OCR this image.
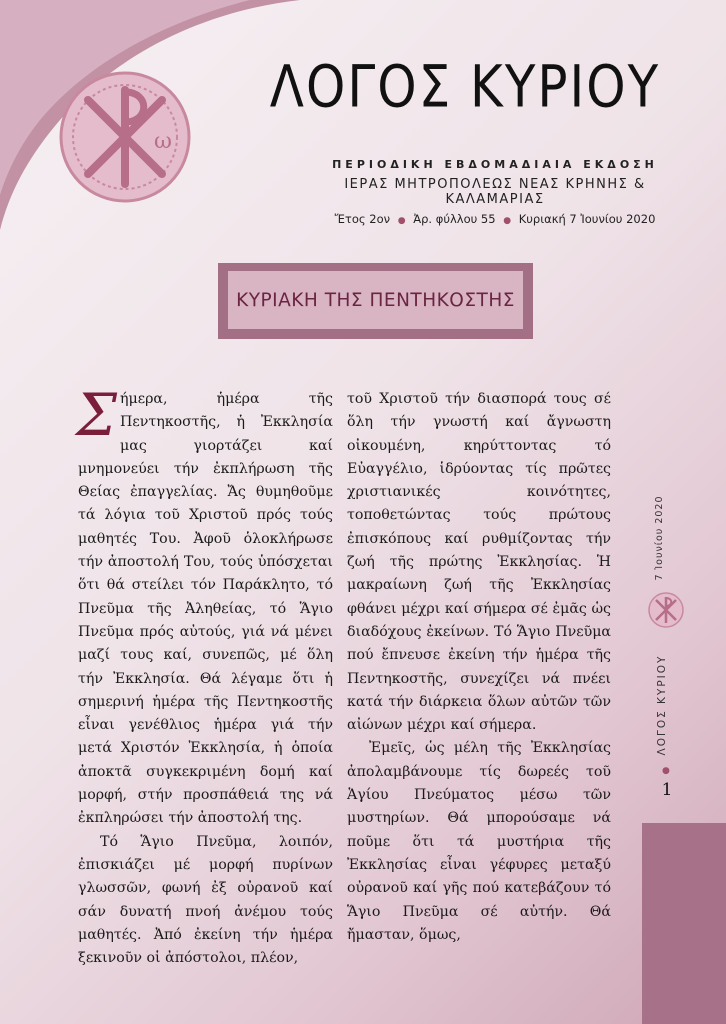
ω
ΛΟΓΟΣ ΚΥΡΙΟΥ
ΠΕΡΙΟΔΙΚΗ ΕΒΔΟΜΑΔΙΑΙΑ ΕΚΔΟΣΗ
ΙΕΡΑΣ ΜΗΤΡΟΠΟΛΕΩΣ ΝΕΑΣ ΚΡΗΝΗΣ & ΚΑΛΑΜΑΡΙΑΣ
Ἔτος 2ον ● Ἀρ. φύλλου 55 ● Κυριακή 7 Ἰουνίου 2020
ΚΥΡΙΑΚΗ ΤΗΣ ΠΕΝΤΗΚΟΣΤΗΣ

Σήμερα, ἡμέρα τῆς Πεντηκοστῆς, ἡ Ἐκκλησία μας γιορτάζει καί μνημονεύει τήν ἐκπλήρωση τῆς Θείας ἐπαγγελίας. Ἄς θυμηθοῦμε τά λόγια τοῦ Χριστοῦ πρός τούς μαθητές Του. Ἀφοῦ ὁλοκλήρωσε τήν ἀποστολή Του, τούς ὑπόσχεται ὅτι θά στείλει τόν Παράκλητο, τό Πνεῦμα τῆς Ἀληθείας, τό Ἅγιο Πνεῦμα πρός αὐτούς, γιά νά μένει μαζί τους καί, συνεπῶς, μέ ὅλη τήν Ἐκκλησία. Θά λέγαμε ὅτι ἡ σημερινή ἡμέρα τῆς Πεντηκοστῆς εἶναι γενέθλιος ἡμέρα γιά τήν μετά Χριστόν Ἐκκλησία, ἡ ὁποία ἀποκτᾶ συγκεκριμένη δομή καί μορφή, στήν προσπάθειά της νά ἐκπληρώσει τήν ἀποστολή της.

Τό Ἅγιο Πνεῦμα, λοιπόν, ἐπισκιάζει μέ μορφή πυρίνων γλωσσῶν, φωνή ἐξ οὐρανοῦ καί σάν δυνατή πνοή ἀνέμου τούς μαθητές. Ἀπό ἐκείνη τήν ἡμέρα ξεκινοῦν οἱ ἀπόστολοι, πλέον,

τοῦ Χριστοῦ τήν διασπορά τους σέ ὅλη τήν γνωστή καί ἄγνωστη οἰκουμένη, κηρύττοντας τό Εὐαγγέλιο, ἱδρύοντας τίς πρῶτες χριστιανικές κοινότητες, τοποθετώντας τούς πρώτους ἐπισκόπους καί ρυθμίζοντας τήν ζωή τῆς πρώτης Ἐκκλησίας. Ἡ μακραίωνη ζωή τῆς Ἐκκλησίας φθάνει μέχρι καί σήμερα σέ ἐμᾶς ὡς διαδόχους ἐκείνων. Τό Ἅγιο Πνεῦμα πού ἔπνευσε ἐκείνη τήν ἡμέρα τῆς Πεντηκοστῆς, συνεχίζει νά πνέει κατά τήν διάρκεια ὅλων αὐτῶν τῶν αἰώνων μέχρι καί σήμερα.

Ἐμεῖς, ὡς μέλη τῆς Ἐκκλησίας ἀπολαμβάνουμε τίς δωρεές τοῦ Ἁγίου Πνεύματος μέσω τῶν μυστηρίων. Θά μπορούσαμε νά ποῦμε ὅτι τά μυστήρια τῆς Ἐκκλησίας εἶναι γέφυρες μεταξύ οὐρανοῦ καί γῆς πού κατεβάζουν τό Ἅγιο Πνεῦμα σέ αὐτήν. Θά ἤμασταν, ὅμως,

7 Ἰουνίου 2020
ΛΟΓΟΣ ΚΥΡΙΟΥ
●
1
